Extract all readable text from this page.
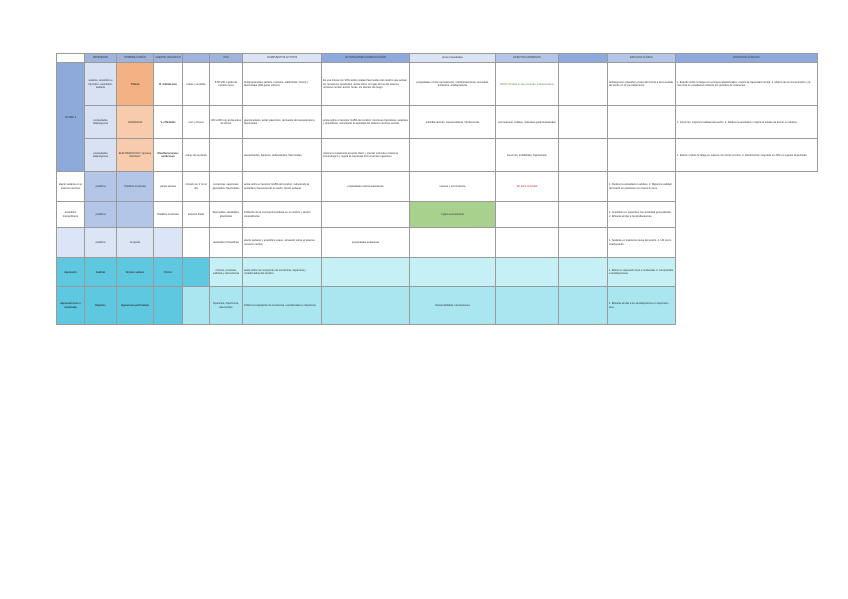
	PROPIEDAD	NOMBRE COMÚN	AGENTE ORGÁNICO		USO	COMPUESTOS ACTIVOS	ACTIVIDAD/MECANISMO/ACCIÓN	otras propiedades	EFECTOS ADVERSOS		EFICACIA CLÍNICA	ESTUDIOS CLÍNICOS
SCORE 2	sedante, ansiolítico e hipnótico, ansiolítico, sedante	Tintura	R. telinda iaca	raíces y semillas	5-50 000 mg/día de extracto seco	fenilpropanoides (ácidos, rosavina, salidrósido, tirosol) y flavonoides (100 gotas ml/sem)	Es una tintura con 93% ácido oxalato flavonoides del cerebro que actúan los receptores cerebrales, actúa sobre un lugar de los del sistema nervioso central, acción horas, sin efectos de riesgo.	propiedades contra reproducción, cardioprotectoras, anti-edad, antiestrés, antidepresivas	NOTA: 60 días en las primeras; mantenimiento		antidepresivo (placebo) postul ado frente a de la subida de estrés en el pre-tratamiento	1. Estudio sobre la fatiga con ensayos aleatorizados: mejora la capacidad mental. 2. Mejora de la concentración y la memoria en estudiantes durante los periodos de exámenes.
	propiedades adaptógenas	VALERIANA	V. officinalis	raíz y rizoma	400 a 900 mg al día antes de dormir	glucosinolatos, ácido valerénico, derivados del sesquiterpeno, flavonoides	actúa sobre el receptor GABA del cerebro, funciones hipnóticas, sedantes y ansiolíticas, reduciendo la actividad del sistema nervioso central.	antiinflamatorias, espasmolíticas, hipotensoras	somnolencia, cefalea, molestias gastrointestinales			1. Insomnio: mejora la calidad del sueño. 2. Reduce la ansiedad y mejora el estado de ánimo en adultos.
	propiedades adaptógenas	ELEUTEROCOCO "ginseng siberiano"	Eleutherococcus senticosus	raíces de la planta		eleuterósidos, lignanos, polisacáridos, flavonoides	mejora la resistencia al estrés físico y mental; estimula el sistema inmunológico y regula la respuesta hormonal del organismo.		insomnio, irritabilidad, hipertensión			1. Estrés: reduce la fatiga en sujetos con estrés crónico. 2. Rendimiento mejorado en 20% en sujetos deportistas.
efecto sedante en el sistema nervioso	pasiflora	Pasiflora incarnata	partes aéreas	infusión en 2 ml al día	cumarinas, saponinas, glucósidos; flavonoides	actúa sobre el receptor GABA del cerebro, reduciendo la ansiedad y favoreciendo el sueño; efecto sedante.	propiedades anticonvulsivantes	mareos y somnolencia	No tiene toxicidad		1. Reduce la ansiedad en adultos. 2. Mejora la calidad del sueño en pacientes con insomnio leve.
ansiolítico tranquilizante	pasiflora		Pasiflora incarnata	extracto fluido	flavonoides, alcaloides, glucósidos	inhibición de la monoaminooxidasa en el cerebro y acción tranquilizante.		Ligera somnolencia			1. Ansiolítico en pacientes con ansiedad generalizada. 2. Eficacia similar a benzodiacepinas.
	pasiflora	Amapola			alcaloides (rhoeadina)	efecto sedante y ansiolítico suave, actuando sobre el sistema nervioso central.	propiedades antitusivas				1. Sedante en trastornos leves del sueño. 2. Útil como coadyuvante.
depresión	Azafrán	Crocus sativus	Pistilos		crocina, crocetina, safranal y picrocrocina	actúa sobre los receptores de serotonina, dopamina y noradrenalina del cerebro.					1. Eficaz en depresión leve a moderada. 2. Comparable a antidepresivos.
depresión leve o moderada	Hipérico	Hypericum perforatum			hipericina, hiperforina, flavonoides	inhibe la recaptación de serotonina, noradrenalina y dopamina.		fotosensibilidad, interacciones			1. Eficacia similar a los antidepresivos en depresión leve.
